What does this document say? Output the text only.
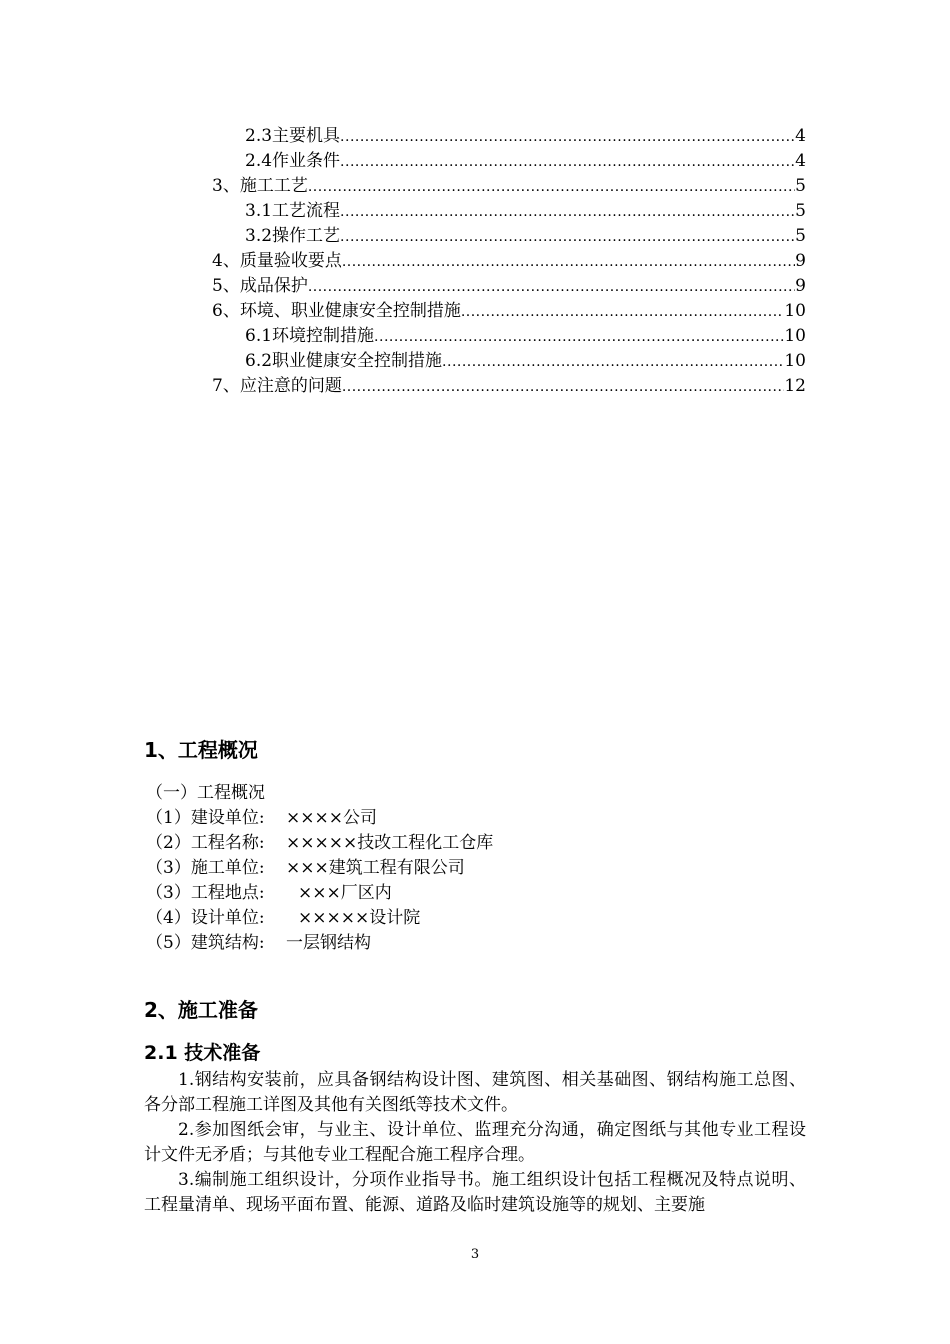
2.3 主要机具 .....	4
2.4 作业条件 .....	4
3、 施工工艺 .....	5
3.1 工艺流程 .....	5
3.2 操作工艺 .....	5
4、 质量验收要点 .....	9
5、 成品保护 .....	9
6、 环境、职业健康安全控制措施 .....	10
6.1 环境控制措施 .....	10
6.2 职业健康安全控制措施 .....	10
7、 应注意的问题 .....	12
1、工程概况
（一）工程概况
（1）建设单位: ××××公司
（2）工程名称: ×××××技改工程化工仓库
（3）施工单位: ×××建筑工程有限公司
（3）工程地点: ×××厂区内
（4）设计单位: ×××××设计院
（5）建筑结构: 一层钢结构
2、施工准备
2.1 技术准备
1.钢结构安装前，应具备钢结构设计图、建筑图、相关基础图、钢结构施工总图、各分部工程施工详图及其他有关图纸等技术文件。
2.参加图纸会审，与业主、设计单位、监理充分沟通，确定图纸与其他专业工程设计文件无矛盾；与其他专业工程配合施工程序合理。
3.编制施工组织设计，分项作业指导书。施工组织设计包括工程概况及特点说明、工程量清单、现场平面布置、能源、道路及临时建筑设施等的规划、主要施
3
